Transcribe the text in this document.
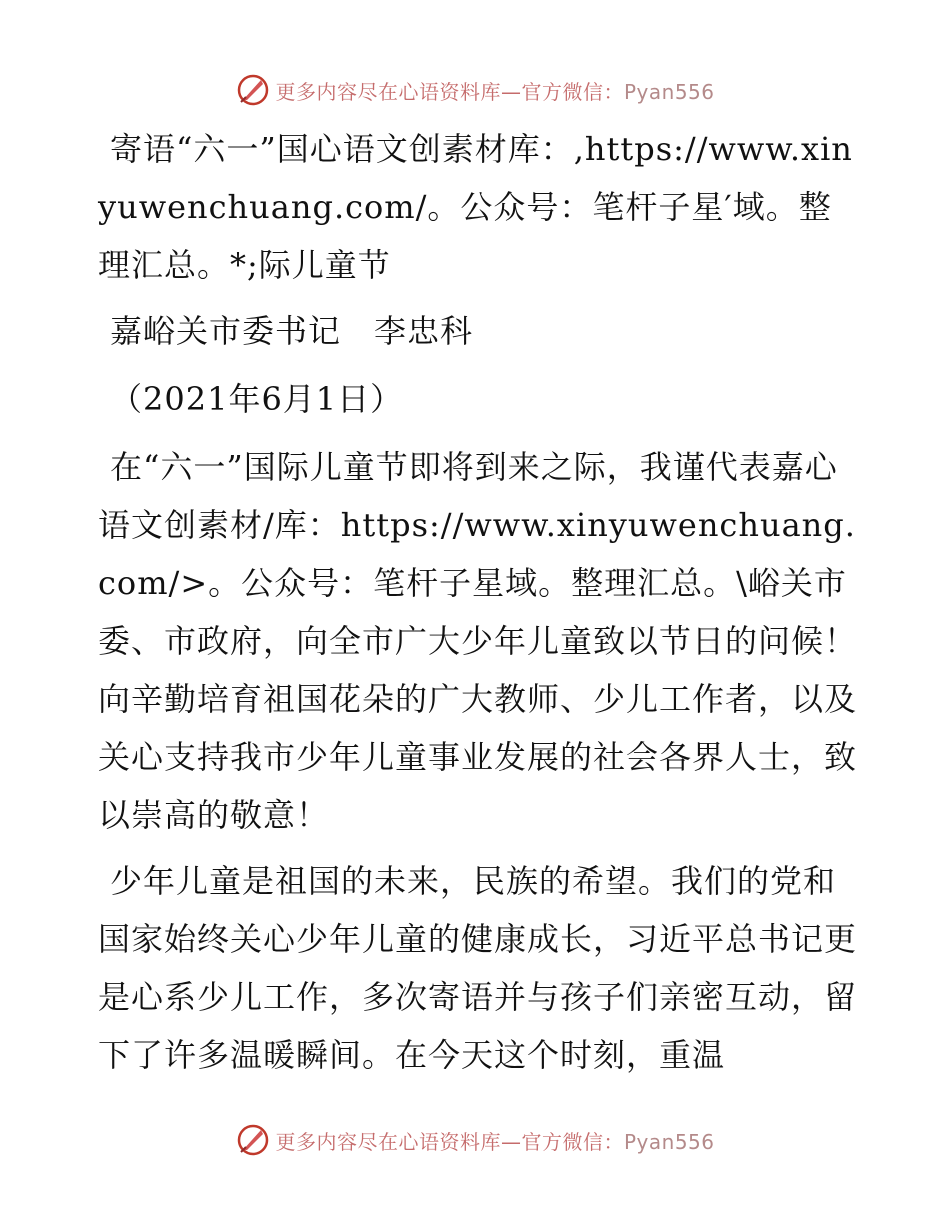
更多内容尽在心语资料库—官方微信：Pyan556

寄语“六一”国心语文创素材库：,https://www.xinyuwenchuang.com/。公众号：笔杆子星′域。整理汇总。*;际儿童节

嘉峪关市委书记　李忠科

（2021年6月1日）

在“六一”国际儿童节即将到来之际，我谨代表嘉心语文创素材/库：https://www.xinyuwenchuang.com/>。公众号：笔杆子星域。整理汇总。\峪关市委、市政府，向全市广大少年儿童致以节日的问候！向辛勤培育祖国花朵的广大教师、少儿工作者，以及关心支持我市少年儿童事业发展的社会各界人士，致以崇高的敬意！

少年儿童是祖国的未来，民族的希望。我们的党和国家始终关心少年儿童的健康成长，习近平总书记更是心系少儿工作，多次寄语并与孩子们亲密互动，留下了许多温暖瞬间。在今天这个时刻，重温

更多内容尽在心语资料库—官方微信：Pyan556
